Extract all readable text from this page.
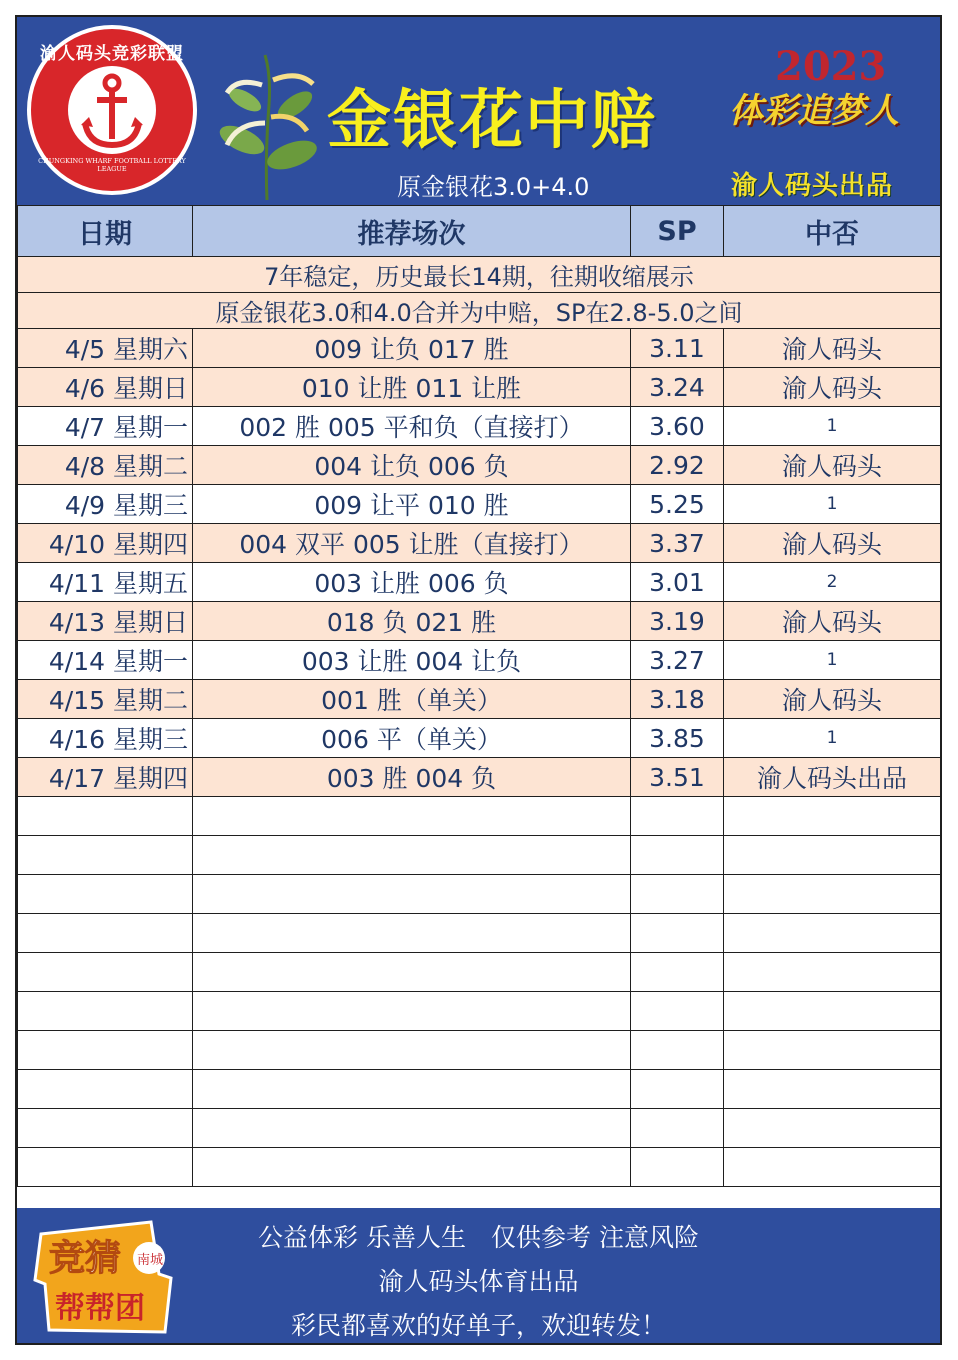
渝人码头竞彩联盟
CHUNGKING WHARF FOOTBALL LOTTERY LEAGUE
金银花中赔
原金银花3.0+4.0
2023
体彩追梦人
渝人码头出品
日期	推荐场次	SP	中否
7年稳定，历史最长14期，往期收缩展示			
原金银花3.0和4.0合并为中赔，SP在2.8-5.0之间			
4/5 星期六	009 让负 017 胜	3.11	渝人码头
4/6 星期日	010 让胜 011 让胜	3.24	渝人码头
4/7 星期一	002 胜 005 平和负（直接打）	3.60	1
4/8 星期二	004 让负 006 负	2.92	渝人码头
4/9 星期三	009 让平 010 胜	5.25	1
4/10 星期四	004 双平 005 让胜（直接打）	3.37	渝人码头
4/11 星期五	003 让胜 006 负	3.01	2
4/13 星期日	018 负 021 胜	3.19	渝人码头
4/14 星期一	003 让胜 004 让负	3.27	1
4/15 星期二	001 胜（单关）	3.18	渝人码头
4/16 星期三	006 平（单关）	3.85	1
4/17 星期四	003 胜 004 负	3.51	渝人码头出品

竞猜
帮帮团
南城
公益体彩 乐善人生　仅供参考 注意风险
渝人码头体育出品
彩民都喜欢的好单子，欢迎转发！
